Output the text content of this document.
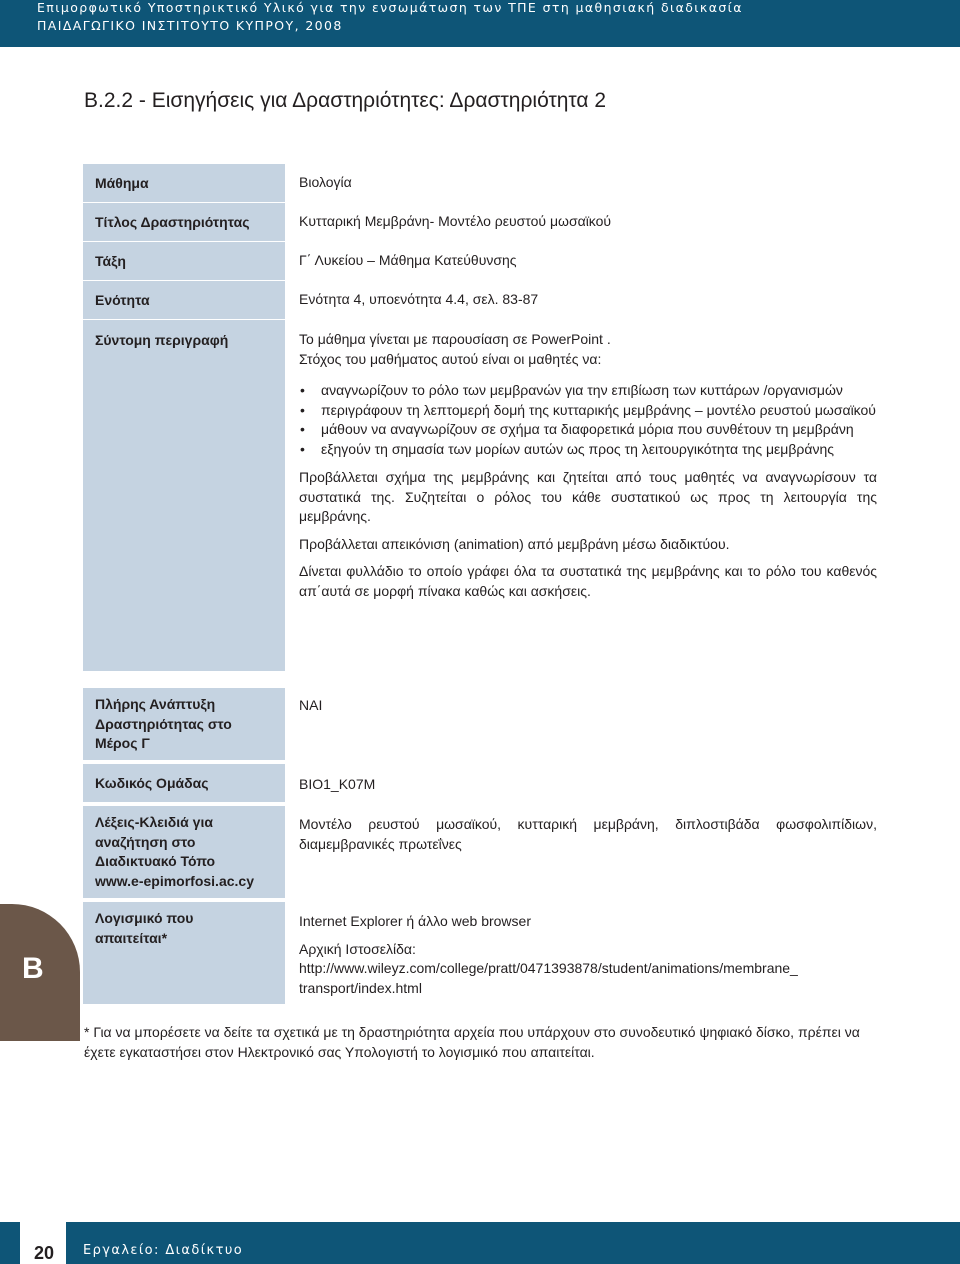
Επιμορφωτικό Υποστηρικτικό Υλικό για την ενσωμάτωση των ΤΠΕ στη μαθησιακή διαδικασία
ΠΑΙΔΑΓΩΓΙΚΟ ΙΝΣΤΙΤΟΥΤΟ ΚΥΠΡΟΥ, 2008
Β.2.2 - Εισηγήσεις για Δραστηριότητες: Δραστηριότητα 2
Μάθημα
Τίτλος Δραστηριότητας
Τάξη
Ενότητα
Σύντομη περιγραφή
Βιολογία
Κυτταρική Μεμβράνη- Μοντέλο ρευστού μωσαϊκού
Γ΄ Λυκείου – Μάθημα Κατεύθυνσης
Ενότητα 4, υποενότητα 4.4, σελ. 83-87

Το μάθημα γίνεται με παρουσίαση σε PowerPoint .

Στόχος του μαθήματος αυτού είναι οι μαθητές να:

• αναγνωρίζουν το ρόλο των μεμβρανών για την επιβίωση των κυττάρων /οργανισμών
• περιγράφουν τη λεπτομερή δομή της κυτταρικής μεμβράνης – μοντέλο ρευστού μωσαϊκού
• μάθουν να αναγνωρίζουν σε σχήμα τα διαφορετικά μόρια που συνθέτουν τη μεμβράνη
• εξηγούν τη σημασία των μορίων αυτών ως προς τη λειτουργικότητα της μεμβράνης

Προβάλλεται σχήμα της μεμβράνης και ζητείται από τους μαθητές να αναγνωρίσουν τα συστατικά της. Συζητείται ο ρόλος του κάθε συστατικού ως προς τη λειτουργία της μεμβράνης.

Προβάλλεται απεικόνιση (animation) από μεμβράνη μέσω διαδικτύου.

Δίνεται φυλλάδιο το οποίο γράφει όλα τα συστατικά της μεμβράνης και το ρόλο του καθενός απ΄αυτά σε μορφή πίνακα καθώς και ασκήσεις.

Πλήρης Ανάπτυξη
Δραστηριότητας στο
Μέρος Γ
Κωδικός Ομάδας
Λέξεις-Κλειδιά για
αναζήτηση στο
Διαδικτυακό Τόπο
www.e-epimorfosi.ac.cy
Λογισμικό που
απαιτείται*
ΝΑΙ
ΒΙΟ1_Κ07Μ
Μοντέλο ρευστού μωσαϊκού, κυτταρική μεμβράνη, διπλοστιβάδα φωσφολιπίδιων, διαμεμβρανικές πρωτεΐνες

Internet Explorer ή άλλο web browser

Αρχική Ιστοσελίδα:

http://www.wileyz.com/college/pratt/0471393878/student/animations/membrane_

transport/index.html

* Για να μπορέσετε να δείτε τα σχετικά με τη δραστηριότητα αρχεία που υπάρχουν στο συνοδευτικό ψηφιακό δίσκο, πρέπει να έχετε εγκαταστήσει στον Ηλεκτρονικό σας Υπολογιστή το λογισμικό που απαιτείται.

Β
20	Εργαλείο: Διαδίκτυο
